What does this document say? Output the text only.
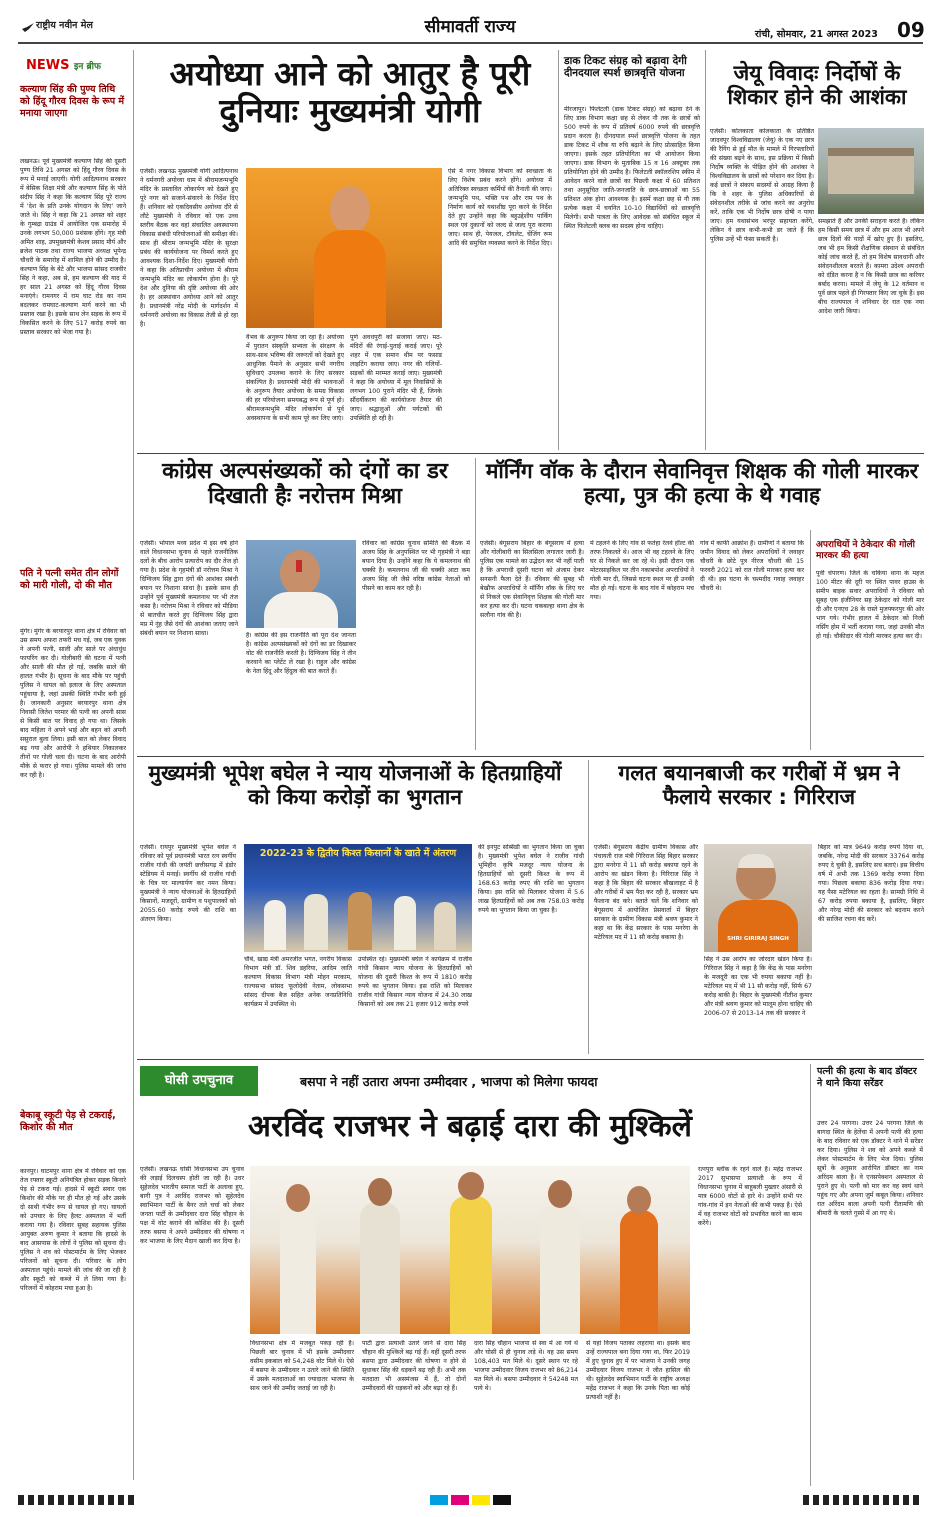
राष्ट्रीय नवीन मेल	सीमावर्ती राज्य	रांची, सोमवार, 21 अगस्त 2023 09
NEWS इन ब्रीफ
कल्याण सिंह की पुण्य तिथि को हिंदू गौरव दिवस के रूप में मनाया जाएगा
लखनऊ। पूर्व मुख्यमंत्री कल्याण सिंह की दूसरी पुण्य तिथि 21 अगस्त को हिंदू गौरव दिवस के रूप में मनाई जाएगी। योगी आदित्यनाथ सरकार में बेसिक शिक्षा मंत्री और कल्याण सिंह के पोते संदीप सिंह ने कहा कि कल्याण सिंह पूरे राज्य में 'देश के प्रति उनके योगदान के लिए' जाने जाते थे। सिंह ने कहा कि 21 अगस्त को शहर के गुम्बद्रा ग्राउंड में आयोजित एक समारोह में उनके लगभग 50,000 प्रशंसक होंगे। गृह मंत्री अमित शाह, उपमुख्यमंत्री केशव प्रसाद मौर्य और ब्रजेश पाठक तथा राज्य भाजपा अध्यक्ष भूपेन्द्र चौधरी के समारोह में शामिल होने की उम्मीद है। कल्याण सिंह के बेटे और भाजपा सांसद राजवीर सिंह ने कहा, अब से, हम कल्याण की याद में हर साल 21 अगस्त को हिंदू गौरव दिवस मनाएंगे। रामनगर में राम घाट रोड का नाम बदलकर रामघाट-कल्याण मार्ग करने का भी प्रस्ताव रखा है। इसके साथ लेन सड़क के रूप में विकसित करने के लिए 517 करोड़ रुपये का प्रस्ताव सरकार को भेजा गया है।
पति ने पत्नी समेत तीन लोगों को मारी गोली, दो की मौत
मुंगेर। मुंगेर के बरयारपुर थाना क्षेत्र में रविवार को उस समय अफरा तफरी मच गई, जब एक युवक ने अपनी पत्नी, साली और साले पर अंधाधुंध फायरिंग कर दी। गोलीबारी की घटना में पत्नी और साली की मौत हो गई, जबकि साले की हालत गंभीर है। सूचना के बाद मौके पर पहुंची पुलिस ने घायल को इलाज के लिए अस्पताल पहुंचाया है, जहां उसकी स्थिति गंभीर बनी हुई है। जानकारी अनुसार बरयारपुर थाना क्षेत्र निवासी जितेश परमार की पत्नी का अपनी सास से किसी बात पर विवाद हो गया था। जिसके बाद महिला ने अपने भाई और बहन को अपनी ससुराल बुला लिया। इसी बात को लेकर विवाद बढ़ गया और आरोपी ने हथियार निकालकर तीनों पर गोली चला दी। घटना के बाद आरोपी मौके से फरार हो गया। पुलिस मामले की जांच कर रही है।
बेकाबू स्कूटी पेड़ से टकराई, किशोर की मौत
कानपुर। घाटमपुर थाना क्षेत्र में रविवार को एक तेज रफ्तार स्कूटी अनियंत्रित होकर सड़क किनारे पेड़ से टकरा गई। हादसे में स्कूटी सवार एक किशोर की मौके पर ही मौत हो गई और उसके दो साथी गंभीर रूप से घायल हो गए। घायलों को उपचार के लिए हैलट अस्पताल में भर्ती कराया गया है। रविवार सुबह सहायक पुलिस आयुक्त अरुण कुमार ने बताया कि हादसे के बाद आसपास के लोगों ने पुलिस को सूचना दी। पुलिस ने शव को पोस्टमार्टम के लिए भेजकर परिजनों को सूचना दी। परिवार के लोग अस्पताल पहुंचे। मामले की जांच की जा रही है और स्कूटी को कब्जे में ले लिया गया है। परिजनों में कोहराम मचा हुआ है।
अयोध्या आने को आतुर है पूरी दुनियाः मुख्यमंत्री योगी
एजेंसी। लखनऊ मुख्यमंत्री योगी आदित्यनाथ ने धर्मनगरी अयोध्या धाम में श्रीरामजन्मभूमि मंदिर के प्रस्तावित लोकार्पण को देखते हुए पूरे नगर को सजाने-संवारने के निर्देश दिए हैं। शनिवार को एकदिवसीय अयोध्या दौरे से लौटे मुख्यमंत्री ने रविवार को एक उच्च स्तरीय बैठक कर वहां संचालित अवस्थापना विकास संबंधी परियोजनाओं की समीक्षा की। साथ ही श्रीराम जन्मभूमि मंदिर के सुरक्षा प्रबंध की कार्ययोजना पर विमर्श करते हुए आवश्यक दिशा-निर्देश दिए। मुख्यमंत्री योगी ने कहा कि अतिप्राचीन अयोध्या में श्रीराम जन्मभूमि मंदिर का लोकार्पण होना है। पूरे देश और दुनिया की दृष्टि अयोध्या की ओर है। हर आस्थावान अयोध्या आने को आतुर है। प्रधानमंत्री नरेंद्र मोदी के मार्गदर्शन में धर्मनगरी अयोध्या का विकास तेजी से हो रहा है।
वैभव के अनुरूप किया जा रहा है। अयोध्या में पुरातन संस्कृति सभ्यता के संरक्षण के साथ-साथ भविष्य की जरूरतों को देखते हुए आधुनिक पैमाने के अनुसार सभी नगरीय सुविधाएं उपलब्ध कराने के लिए सरकार संकल्पित है। प्रधानमंत्री मोदी की भावनाओं के अनुरूप तैयार अयोध्या के समग्र विकास की हर परियोजना समयबद्ध रूप से पूर्ण हो। श्रीरामजन्मभूमि मंदिर लोकार्पण से पूर्व अवस्थापना के सभी काम पूरे कर लिए जाएं।
पूर्ण अवधपुरी को सजाया जाए। मठ-मंदिरों की रंगाई-पुताई कराई जाए। पूरे शहर में एक समान थीम पर फसाड लाइटिंग कराया जाए। नगर की गलियों-सड़कों की मरम्मत कराई जाए। मुख्यमंत्री ने कहा कि अयोध्या में मूल निवासियों के लगभग 100 पुराने मंदिर भी हैं, जिनके सौंदर्यीकरण की कार्ययोजना तैयार की जाए। श्रद्धालुओं और पर्यटकों की उपस्थिति हो रही है।
ऐसे में नगर विकास विभाग को स्वच्छता के लिए विशेष प्रबंध करने होंगे। अयोध्या में अतिरिक्त स्वच्छता कर्मियों की तैनाती की जाए। जन्मभूमि पथ, भक्ति पथ और राम पथ के निर्माण कार्य को यथाशीघ्र पूरा करने के निर्देश देते हुए उन्होंने कहा कि बहुउद्देशीय पार्किंग स्थल एवं दुकानों को जल्द से जल्द पूरा कराया जाए। साथ ही, पेयजल, टॉयलेट, चेंजिंग रूम आदि की समुचित व्यवस्था करने के निर्देश दिए।
डाक टिकट संग्रह को बढ़ावा देगी दीनदयाल स्पर्श छात्रवृत्ति योजना
मीरजापुर। फिलेटली (डाक टिकट संग्रह) को बढ़ावा देने के लिए डाक विभाग कक्षा छह से लेकर नौ तक के छात्रों को 500 रुपये के रूप में प्रतिवर्ष 6000 रुपये की छात्रवृत्ति प्रदान करता है। दीनदयाल स्पर्श छात्रवृत्ति योजना के तहत डाक टिकट में शौक या रुचि बढ़ाने के लिए प्रोत्साहित किया जाएगा। इसके तहत प्रतियोगिता का भी आयोजन किया जाएगा। डाक विभाग के मुताबिक 15 व 16 अक्टूबर तक प्रतियोगिता होने की उम्मीद है। फिलेटली स्कॉलरशिप स्कीम में आवेदन करने वाले छात्रों का पिछली कक्षा में 60 प्रतिशत तथा अनुसूचित जाति-जनजाति के छात्र-छात्राओं का 55 प्रतिशत अंक होना आवश्यक है। इसमें कक्षा छह से नौ तक प्रत्येक कक्षा में चयनित 10-10 विद्यार्थियों को छात्रवृत्ति मिलेगी। सभी पात्रता के लिए आवेदक को संबंधित स्कूल में स्थित फिलेटली क्लब का सदस्य होना चाहिए।
जेयू विवादः निर्दोषों के शिकार होने की आशंका
एजेंसी। कोलकाता कोलकाता के प्रतिष्ठित जादवपुर विश्वविद्यालय (जेयू) के एक नए छात्र की रैगिंग से हुई मौत के मामले में गिरफ्तारियों की संख्या बढ़ने के साथ, इस प्रक्रिया में किसी निर्दोष व्यक्ति के पीड़ित होने की आशंका ने विश्वविद्यालय के छात्रों को परेशान कर दिया है। कई छात्रों ने संकाय सदस्यों से आग्रह किया है कि वे शहर के पुलिस अधिकारियों से संवेदनशील तरीके से जांच करने का अनुरोध करें, ताकि एक भी निर्दोष छात्र दोषी न पाया जाए। हम यथासंभव भरपूर सहायता करेंगे, लेकिन ये छात्र कभी-कभी डर जाते हैं कि पुलिस उन्हें भी फंसा सकती है।
समझाते हैं और उनकी सराहना करते हैं। लेकिन हम किसी समय छात्र में और हम आज भी अपने छात्र दिलों की यादों में खोए हुए हैं। इसलिए, जब भी हम किसी शैक्षणिक संस्थान से संबंधित कोई जांच करते हैं, तो हम विशेष सावधानी और संवेदनशीलता बरतते हैं। कामरा उदेश्य अपराधी को दंडित करना है न कि किसी छात्र का करियर बर्बाद करना। मामले में जेयू के 12 वर्तमान व पूर्व छात्र पहले ही गिरफ्तार किए जा चुके हैं। इस बीच राज्यपाल ने शनिवार देर रात एक नया आदेश जारी किया।
कांग्रेस अल्पसंख्यकों को दंगों का डर दिखाती हैः नरोत्तम मिश्रा
एजेंसी। भोपाल मध्य प्रदेश में इस वर्ष होने वाले विधानसभा चुनाव से पहले राजनीतिक दलों के बीच आरोप प्रत्यारोप का दौर तेज हो गया है। प्रदेश के गृहमंत्री डॉ नरोत्तम मिश्रा ने दिग्विजय सिंह द्वारा दंगों की आशंका संबंधी बयान पर निशाना साधा है। इसके साथ ही उन्होंने पूर्व मुख्यमंत्री कमलनाथ पर भी तंज कसा है। नरोत्तम मिश्रा ने रविवार को मीडिया से बातचीत करते हुए दिग्विजय सिंह द्वारा मप्र में नूंह जैसे दंगों की आशंका जताए जाने संबंधी बयान पर निशाना साधा।	है। कांग्रेस की इस राजनीति को पूरा देश जानता है। कांग्रेस अल्पसंख्यकों को दंगों का डर दिखाकर वोट की राजनीति करती है। दिग्विजय सिंह ने तीन करवाने का प्लेटेंट ले रखा है। राहुल और कांग्रेस के नेता हिंदू और हिंदुत्व की बात करते हैं।
रविवार को कांग्रेस चुनाव समिति की बैठक में अजय सिंह के अनुपस्थित पर भी गृहमंत्री ने बड़ा बयान दिया है। उन्होंने कहा कि ये कमलनाथ की चक्की है। कमलनाथ जी की चक्की आटा कम अजय सिंह जी जैसे वरिष्ठ कांग्रेस नेताओं को पीसने का काम कर रही है।
मॉर्निंग वॉक के दौरान सेवानिवृत्त शिक्षक की गोली मारकर हत्या, पुत्र की हत्या के थे गवाह
एजेंसी। बेगूसराय बिहार के बेगूसराय में हत्या और गोलीबारी का सिलसिला लगातार जारी है। पुलिस एक मामले का उद्भेदन कर भी नहीं पाती है कि अपराधी दूसरी घटना को अंजाम देकर सनसनी फैला देते हैं। रविवार की सुबह भी बेखौफ अपराधियों ने मॉर्निंग वॉक के लिए घर से निकले एक सेवानिवृत्त शिक्षक की गोली मार कर हत्या कर दी। घटना चकबल्हा थाना क्षेत्र के सलौना गांव की है।
में टहलने के लिए गांव से फतेहा रेलवे हॉल्ट की तरफ निकलते थे। आज भी वह टहलने के लिए घर से निकले कर जा रहे थे। इसी दौरान एक मोटरसाइकिल पर तीन नकाबपोश अपराधियों ने गोली मार दी, जिससे घटना स्थल पर ही उनकी मौत हो गई। घटना के बाद गांव में कोहराम मच गया।
गांव में काफी आक्रोश है। ग्रामीणों ने बताया कि जमीन विवाद को लेकर अपराधियों ने जवाहर चौधरी के छोटे पुत्र नीरज चौधरी की 15 फरवरी 2021 को रात गोली मारकर हत्या कर दी थी। इस घटना के चश्मदीद गवाह जवाहर चौधरी थे।
अपराधियों ने ठेकेदार की गोली मारकर की हत्या
पूर्वी चंपारण। जिले के चकिया थाना के महज 100 मीटर की दूरी पर स्थित पावर हाउस के समीप बाइक सवार अपराधियों ने रविवार को सुबह एक इंजीनियर सह ठेकेदार को गोली मार दी और एनएच 28 के रास्ते मुजफ्फरपुर की ओर भाग गये। गंभीर हालत में ठेकेदार को निजी नर्सिंग होम में भर्ती कराया गया, जहां उनकी मौत हो गई। चौकीदार की गोली मारकर हत्या कर दी।
मुख्यमंत्री भूपेश बघेल ने न्याय योजनाओं के हितग्राहियों को किया करोड़ों का भुगतान
एजेंसी। रायपुर मुख्यमंत्री भूपेश बघेल ने रविवार को पूर्व प्रधानमंत्री भारत रत्न स्वर्गीय राजीव गांधी की जयंती छत्तीसगढ़ में इंडोर स्टेडियम में मनाई। स्वर्गीय श्री राजीव गांधी के चित्र पर माल्यार्पण कर नमन किया। मुख्यमंत्री ने न्याय योजनाओं के हितग्राहियों किसानों, मजदूरों, ग्रामीण व पशुपालकों को 2055.60 करोड़ रुपये की राशि का अंतरण किया।
2022-23 के द्वितीय किश्त किसानों के खाते में अंतरण
चौबे, खाद्य मंत्री अमरजीत भगत, नगरीय विकास विभाग मंत्री डॉ. शिव डहरिया, आदिम जाति कल्याण विकास विभाग मंत्री मोहन मरकाम, राज्यसभा सांसद फूलोदेवी नेताम, लोकसभा सांसद दीपक बैज सहित अनेक जनप्रतिनिधि कार्यक्रम में उपस्थित थे।
उपस्थित रहे। मुख्यमंत्री बघेल ने कार्यक्रम में राजीव गांधी किसान न्याय योजना के हितग्राहियों को योजना की दूसरी किश्त के रूप में 1810 करोड़ रुपये का भुगतान किया। इस राशि को मिलाकर राजीव गांधी किसान न्याय योजना में 24.30 लाख किसानों को अब तक 21 हजार 912 करोड़ रुपये
की इनपुट सब्सिडी का भुगतान किया जा चुका है। मुख्यमंत्री भूपेश बघेल ने राजीव गांधी भूमिहीन कृषि मजदूर न्याय योजना के हितग्राहियों को दूसरी किश्त के रूप में 168.63 करोड़ रुपए की राशि का भुगतान किया। इस राशि को मिलाकर योजना में 5.6 लाख हितग्राहियों को अब तक 758.03 करोड़ रुपये का भुगतान किया जा चुका है।
गलत बयानबाजी कर गरीबों में भ्रम ने फैलाये सरकार : गिरिराज
एजेंसी। बेगूसराय केंद्रीय ग्रामीण विकास और पंचायती राज मंत्री गिरिराज सिंह बिहार सरकार द्वारा मनरेगा में 11 सौ करोड़ बकाया रहने के आरोप का खंडन किया है। गिरिराज सिंह ने कहा है कि बिहार की सरकार बौखलाहट में है और गरीबों में भ्रम पैदा कर रही है, सरकार भ्रम फैलाना बंद करे। बताते चलें कि शनिवार को बेगूसराय में आयोजित प्रेसवार्ता में बिहार सरकार के ग्रामीण विकास मंत्री श्रवण कुमार ने कहा था कि केंद्र सरकार के पास मनरेगा के मटेरियल मद में 11 सौ करोड़ बकाया है।	SHRI GIRIRAJ SINGH
सिंह ने उस आरोप का जोरदार खंडन किया है। गिरिराज सिंह ने कहा है कि केंद्र के पास मनरेगा के मजदूरी का एक भी रुपया बकाया नहीं है। मटेरियल मद में भी 11 सौ करोड़ नहीं, सिर्फ 67 करोड़ बाकी है। बिहार के मुख्यमंत्री नीतीश कुमार और मंत्री श्रवण कुमार को मालूम होना चाहिए की 2006-07 से 2013-14 तक की सरकार ने
बिहार को मात्र 9649 करोड़ रुपये दिया था, जबकि, नरेन्द्र मोदी की सरकार 33764 करोड़ रुपए दे चुकी है, इसलिए सच बताएं। इस वित्तीय वर्ष में अभी तक 1369 करोड़ रुपया दिया गया। पिछला बकाया 836 करोड़ दिया गया। यह पैसा मटेरियल का रहता है। सामग्री निधि में 67 करोड़ रुपया बकाया है, इसलिए, बिहार और नरेन्द्र मोदी की सरकार को बदनाम करने की साजिश रचना बंद करें।
घोसी उपचुनाव	बसपा ने नहीं उतारा अपना उम्मीदवार , भाजपा को मिलेगा फायदा
अरविंद राजभर ने बढ़ाई दारा की मुश्किलें
एजेंसी। लखनऊ घोसी विधानसभा उप चुनाव की लड़ाई दिलचस्प होती जा रही है। उधर सुहेलदेव भारतीय समाज पार्टी के अलावा हुए, बागी पुत्र ने अरविंद राजभर को सुहेलदेव स्वाभिमान पार्टी के बैनर तले चर्चा को लेकर जनता पार्टी के उम्मीदवार दारा सिंह चौहान के पक्ष में वोट कराने की कोशिश की है। दूसरी तरफ बसपा ने अपने उम्मीदवार की घोषणा न कर भाजपा के लिए मैदान खाली कर दिया है।
विधानसभा क्षेत्र में मजबूत पकड़ रही है। पिछली बार चुनाव में भी इसके उम्मीदवार वसीम इकबाल को 54,248 वोट मिले थे। ऐसे में बसपा के उम्मीदवार न उतारे जाने की स्थिति में उसके मतदाताओं का ज्यादातर भाजपा के साथ जाने की उम्मीद जताई जा रही है।
पार्टी द्वारा प्रत्याशी उतारे जाने से दारा सिंह चौहान की मुश्किलें बढ़ गई हैं। वहीं दूसरी तरफ बसपा द्वारा उम्मीदवार की घोषणा न होने से सुधाकर सिंह की धड़कनें बढ़ रही हैं। अभी तक मतदाता भी असमंजस में हैं, तो दोनों उम्मीदवारों की धड़कनों को और बढ़ा रहे हैं।
दारा सिंह चौहान भाजपा से स्वा में आ गये थे और घोसी से ही चुनाव लड़े थे। वह उस समय 108,403 मत मिले थे। दूसरे स्थान पर रहे भाजपा उम्मीदवार विजय राजभर को 86,214 मत मिले थे। बसपा उम्मीदवार ने 54248 मत पाये थे।
से यहां विजय पताका लहराया था। इसके बाद उन्हें राज्यपाल बना दिया गया था, फिर 2019 में हुए चुनाव हुए में पर भाजपा ने उनकी जगह उम्मीदवार विजय राजभर ने जीत हासिल की थी। सुहेलदेव स्वाभिमान पार्टी के राष्ट्रीय अध्यक्ष महेंद्र राजभर ने कहा कि उनके पिता का कोई प्रत्याशी नहीं है।
रत्नपुरा ब्लॉक के रहने वाले हैं। महेंद्र राजभर 2017 सुभासपा प्रत्याशी के रूप में विधानसभा चुनाव में बाहुबली मुख्तार अंसारी से मात्र 6000 वोटों से हारे थे। उन्होंने सभी पर गांव-गांव में इन नेताओं की कभी पकड़ है। ऐसे में वह राजभर वोटों को प्रभावित करने का काम करेंगे।
पत्नी की हत्या के बाद डॉक्टर ने थाने किया सरेंडर
उत्तर 24 परगना। उत्तर 24 परगना जिले के बागदा स्थित के हेलेंचा में अपनी पत्नी की हत्या के बाद रविवार को एक डॉक्टर ने थाने में सरेंडर कर दिया। पुलिस ने शव को अपने कब्जे में लेकर पोस्टमार्टम के लिए भेज दिया। पुलिस सूत्रों के अनुसार आरोपित डॉक्टर का नाम अरिंदम बाला है। वे एनसपेक्शन अस्पताल से पुराने हुए थे। पत्नी को मार कर वह स्वयं थाने पहुंच गए और अपना जुर्म कबूल किया। शनिवार रात अरिंदम बाला अपनी पत्नी रीतामणि की बीमारी के चलते गुस्से में आ गए थे।
